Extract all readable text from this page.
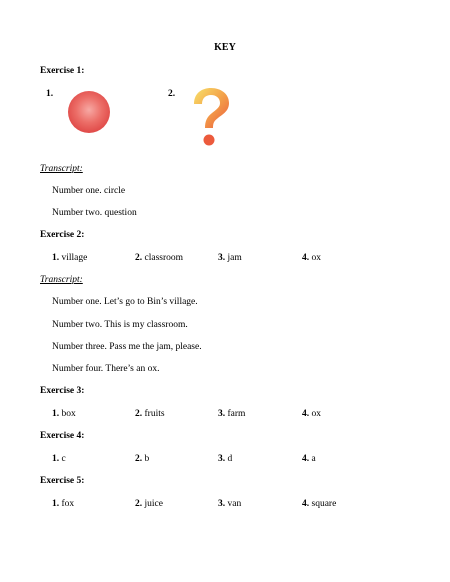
KEY
Exercise 1:
1.	2.
Transcript:
Number one. circle
Number two. question
Exercise 2:
1. village	2. classroom	3. jam	4. ox
Transcript:
Number one. Let’s go to Bin’s village.
Number two. This is my classroom.
Number three. Pass me the jam, please.
Number four. There’s an ox.
Exercise 3:
1. box	2. fruits	3. farm	4. ox
Exercise 4:
1. c	2. b	3. d	4. a
Exercise 5:
1. fox	2. juice	3. van	4. square
